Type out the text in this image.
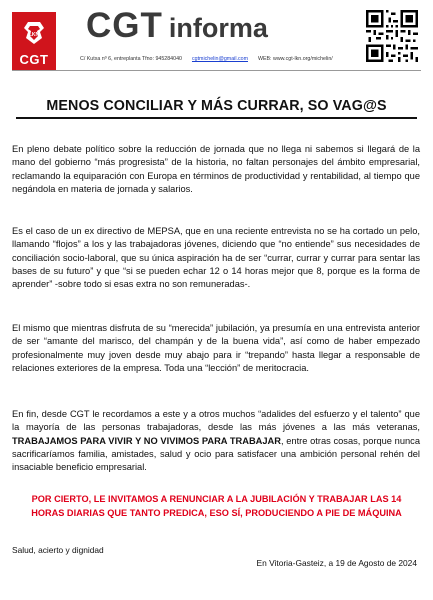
LKN
CGT
CGT informa
C/ Kutxa nº 6, entreplanta Tfno: 945284040 cgtmichelin@gmail.com WEB: www.cgt-lkn.org/michelin/
MENOS CONCILIAR Y MÁS CURRAR, SO VAG@S

En pleno debate político sobre la reducción de jornada que no llega ni sabemos si llegará de la mano del gobierno “más progresista” de la historia, no faltan personajes del ámbito empresarial, reclamando la equiparación con Europa en términos de productividad y rentabilidad, al tiempo que negándola en materia de jornada y salarios.

Es el caso de un ex directivo de MEPSA, que en una reciente entrevista no se ha cortado un pelo, llamando “flojos” a los y las trabajadoras jóvenes, diciendo que “no entiende” sus necesidades de conciliación socio-laboral, que su única aspiración ha de ser “currar, currar y currar para sentar las bases de su futuro” y que “si se pueden echar 12 o 14 horas mejor que 8, porque es la forma de aprender” -sobre todo si esas extra no son remuneradas-.

El mismo que mientras disfruta de su “merecida” jubilación, ya presumía en una entrevista anterior de ser “amante del marisco, del champán y de la buena vida”, así como de haber empezado profesionalmente muy joven desde muy abajo para ir “trepando” hasta llegar a responsable de relaciones exteriores de la empresa. Toda una “lección” de meritocracia.

En fin, desde CGT le recordamos a este y a otros muchos “adalides del esfuerzo y el talento” que la mayoría de las personas trabajadoras, desde las más jóvenes a las más veteranas, TRABAJAMOS PARA VIVIR Y NO VIVIMOS PARA TRABAJAR, entre otras cosas, porque nunca sacrificaríamos familia, amistades, salud y ocio para satisfacer una ambición personal rehén del insaciable beneficio empresarial.

POR CIERTO, LE INVITAMOS A RENUNCIAR A LA JUBILACIÓN Y TRABAJAR LAS 14 HORAS DIARIAS QUE TANTO PREDICA, ESO SÍ, PRODUCIENDO A PIE DE MÁQUINA
Salud, acierto y dignidad
En Vitoria-Gasteiz, a 19 de Agosto de 2024
